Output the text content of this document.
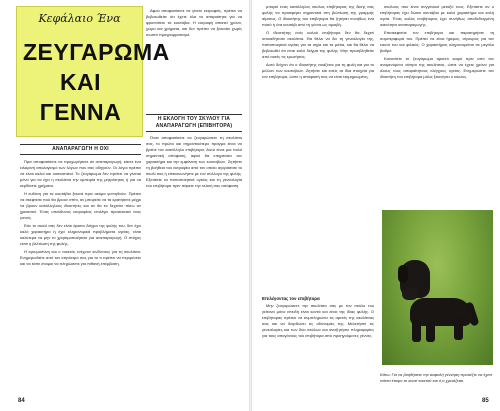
Κεφάλαιο Ένα
ΖΕΥΓΑΡΩΜΑ
ΚΑΙ ΓΕΝΝΑ
ΑΝΑΠΑΡΑΓΩΓΗ Η ΟΧΙ

Πριν αποφασίσετε να προχωρήσετε σε αναπαραγωγή, κάντε ένα ειλικρινή απολογισμό των λόγων που σας οδηγούν. Οι λόγοι πρέπει να είναι καλοί και ουσιαστικοί. Το ζευγάρωμα δεν πρέπει να γίνεται μόνο για να έχει η σκυλίτσα την εμπειρία της μητρότητας ή για να κερδίσετε χρήματα.

Η ευθύνη για τα κουτάβια ξεκινά πριν ακόμα γεννηθούν. Πρέπει να σκεφτείτε πού θα βρουν σπίτι, αν μπορείτε να τα κρατήσετε μέχρι να βρουν κατάλληλους ιδιοκτήτες και αν θα τα δεχτείτε πίσω αν χρειαστεί. Ένας υπεύθυνος εκτροφέας επιλέγει προσεκτικά τους γονείς.

Εάν το σκυλί σας δεν είναι άριστο δείγμα της φυλής του, δεν έχει καλό χαρακτήρα ή έχει κληρονομικά προβλήματα υγείας, είναι καλύτερα να μην το χρησιμοποιήσετε για αναπαραγωγή. Ο στόχος είναι η βελτίωση της φυλής.

Η εγκυμοσύνη και ο τοκετός ενέχουν κινδύνους για τη σκυλίτσα. Ενημερωθείτε από τον κτηνίατρό σας για το τι πρέπει να περιμένετε και να είστε έτοιμοι να πληρώσετε για πιθανή επέμβαση.

Αφού αποφασίσετε να γίνετε εκτροφείς, πρέπει να βεβαιωθείτε ότι έχετε όλα τα απαραίτητα για να φροντίσετε τα κουτάβια. Η εκτροφή απαιτεί χρόνο, χώρο και χρήματα, και δεν πρέπει να ξεκινάει χωρίς σωστό προγραμματισμό.

Η ΕΚΛΟΓΗ ΤΟΥ ΣΚΥΛΟΥ ΓΙΑ ΑΝΑΠΑΡΑΓΩΓΗ (ΕΠΙΒΗΤΟΡΑ)

Όταν αποφασίσετε να ζευγαρώσετε τη σκυλίτσα σας, το πρώτο και σημαντικότερο πράγμα είναι να βρείτε τον κατάλληλο επιβήτορα. Αυτό είναι μια πολύ σημαντική απόφαση, αφού θα επηρεάσει τον χαρακτήρα και την εμφάνιση των κουταβιών. Ζητήστε τη βοήθεια του εκτροφέα από τον οποίο αγοράσατε το σκυλί σας ή επικοινωνήστε με τον σύλλογο της φυλής. Εξετάστε τα πιστοποιητικά υγείας και τη γενεαλογία του επιβήτορα πριν πάρετε την τελική σας απόφαση.

84

μπορεί ένας κατάλληλος σκύλος επιβήτορας της δικής σας φυλής να προσφέρει σημαντικά στη βελτίωση της γραμμής αίματος. Ο ιδιοκτήτης του επιβήτορα θα ζητήσει συνήθως ένα ποσό ή ένα κουτάβι από τη γέννα ως αμοιβή.

Ο ιδιοκτήτης ενός καλού επιβήτορα δεν θα δεχτεί οποιαδήποτε σκυλίτσα. Θα θέλει να δει τη γενεαλογία της, πιστοποιητικά υγείας για τα ισχία και τα μάτια, και θα θέλει να βεβαιωθεί ότι είναι καλό δείγμα της φυλής. Μην προσβληθείτε από αυτές τις ερωτήσεις.

Αυτό δείχνει ότι ο ιδιοκτήτης νοιάζεται για τη φυλή και για το μέλλον των κουταβιών. Ζητήστε και εσείς τα ίδια στοιχεία για τον επιβήτορα, ώστε η απόφασή σας να είναι τεκμηριωμένη.

Επιλέγοντας τον επιβήτορα

Μην ζευγαρώσετε την σκυλίτσα σας με τον σκύλο του γείτονα μόνο επειδή είναι κοντά και είναι της ίδιας φυλής. Ο επιβήτορας πρέπει να συμπληρώνει τις αρετές της σκυλίτσας σας και να διορθώνει τις αδυναμίες της. Μελετήστε τις γενεαλογίες και των δύο σκύλων και αναζητήστε πληροφορίες για τους απογόνους του επιβήτορα από προηγούμενες γέννες.

σκύλους που είναι συγγενικοί μεταξύ τους. Εξετάστε αν ο επιβήτορας έχει δώσει κουτάβια με καλό χαρακτήρα και καλή υγεία. Ένας καλός επιβήτορας έχει συνήθως αποδεδειγμένη ικανότητα αναπαραγωγής.

Επισκεφτείτε τον επιβήτορα και παρατηρήστε τη συμπεριφορά του. Πρέπει να είναι ήρεμος, σίγουρος για τον εαυτό του και φιλικός. Ο χαρακτήρας κληρονομείται σε μεγάλο βαθμό.

Κανονίστε το ζευγάρωμα αρκετό καιρό πριν από τον αναμενόμενο οίστρο της σκυλίτσας, ώστε να έχετε χρόνο για όλους τους απαραίτητους ελέγχους υγείας. Ενημερώστε τον ιδιοκτήτη του επιβήτορα μόλις ξεκινήσει ο κύκλος.

Κάτω: Για να βοηθήσετε την ασφαλή γέννηση προσέξτε να έχετε πάντα έτοιμο το κουτί τοκετού και ό,τι χρειάζεται.
85
